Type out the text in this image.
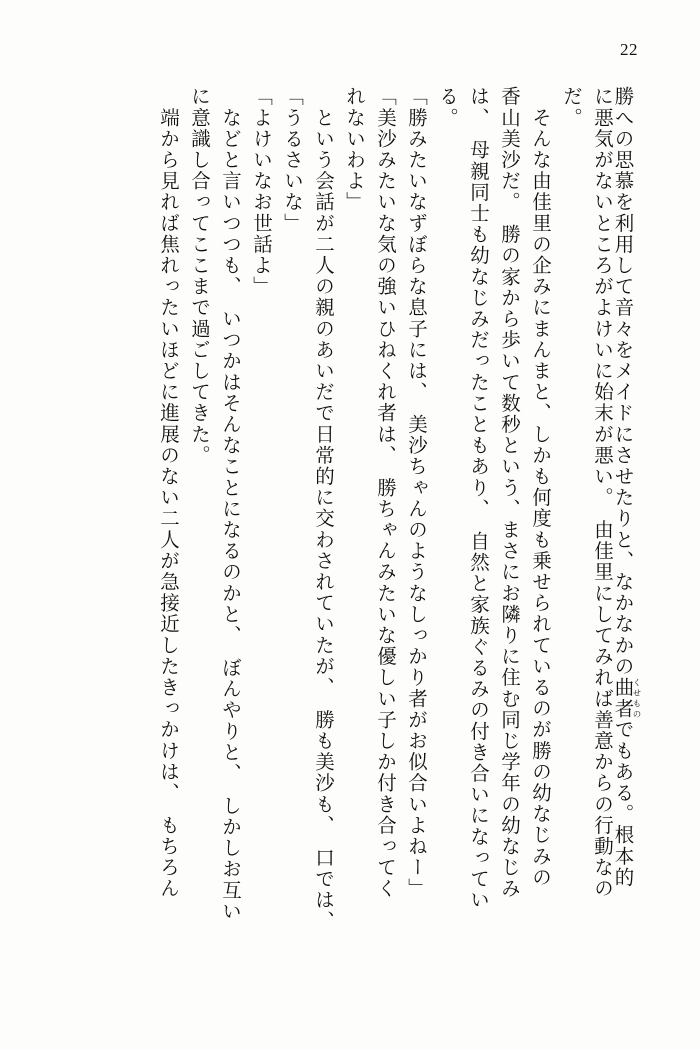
22
勝への思慕を利用して音々をメイドにさせたりと、なかなかの曲者 くせものでもある。根本的
に悪気がないところがよけいに始末が悪い。　由佳里にしてみれば善意からの行動なの
だ。
　そんな由佳里の企みにまんまと、しかも何度も乗せられているのが勝の幼なじみの
香山美沙だ。　勝の家から歩いて数秒という、まさにお隣りに住む同じ学年の幼なじみ
は、　母親同士も幼なじみだったこともあり、　自然と家族ぐるみの付き合いになってい
る。
「勝みたいなずぼらな息子には、　美沙ちゃんのようなしっかり者がお似合いよねー」
「美沙みたいな気の強いひねくれ者は、　勝ちゃんみたいな優しい子しか付き合ってく
れないわよ」
　という会話が二人の親のあいだで日常的に交わされていたが、　勝も美沙も、　口では、
「うるさいな」
「よけいなお世話よ」
　などと言いつつも、　いつかはそんなことになるのかと、　ぼんやりと、　しかしお互い
に意識し合ってここまで過ごしてきた。
　端から見れば焦れったいほどに進展のない二人が急接近したきっかけは、　もちろん
